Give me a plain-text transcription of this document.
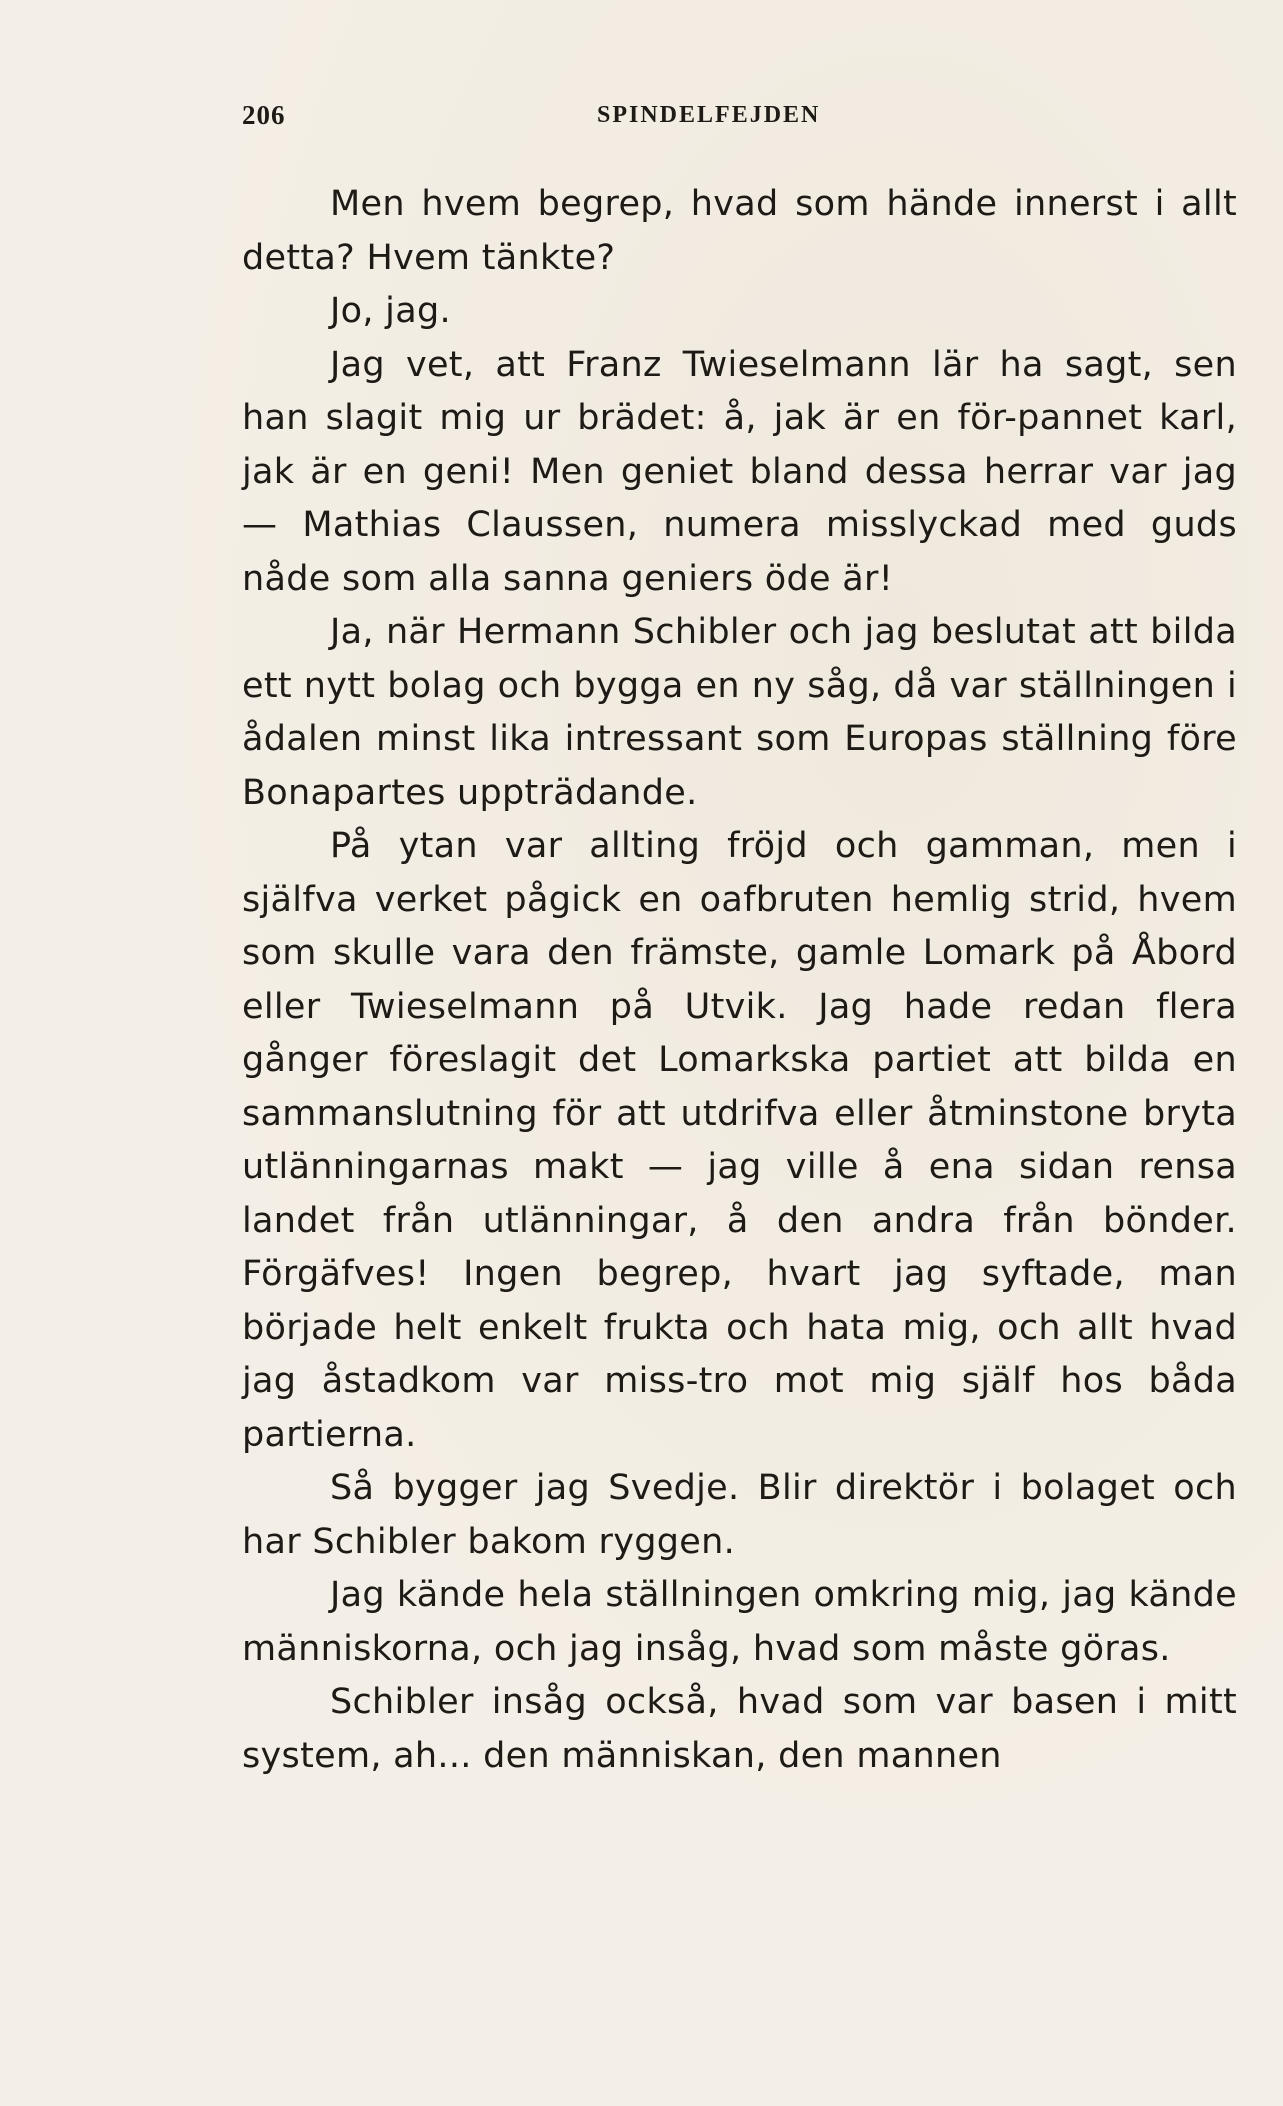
206	SPINDELFEJDEN

Men hvem begrep, hvad som hände innerst i allt detta? Hvem tänkte?

Jo, jag.

Jag vet, att Franz Twieselmann lär ha sagt, sen han slagit mig ur brädet: å, jak är en för-pannet karl, jak är en geni! Men geniet bland dessa herrar var jag — Mathias Claussen, numera misslyckad med guds nåde som alla sanna geniers öde är!

Ja, när Hermann Schibler och jag beslutat att bilda ett nytt bolag och bygga en ny såg, då var ställningen i ådalen minst lika intressant som Europas ställning före Bonapartes uppträdande.

På ytan var allting fröjd och gamman, men i själfva verket pågick en oafbruten hemlig strid, hvem som skulle vara den främste, gamle Lomark på Åbord eller Twieselmann på Utvik. Jag hade redan flera gånger föreslagit det Lomarkska partiet att bilda en sammanslutning för att utdrifva eller åtminstone bryta utlänningarnas makt — jag ville å ena sidan rensa landet från utlänningar, å den andra från bönder. Förgäfves! Ingen begrep, hvart jag syftade, man började helt enkelt frukta och hata mig, och allt hvad jag åstadkom var miss-tro mot mig själf hos båda partierna.

Så bygger jag Svedje. Blir direktör i bolaget och har Schibler bakom ryggen.

Jag kände hela ställningen omkring mig, jag kände människorna, och jag insåg, hvad som måste göras.

Schibler insåg också, hvad som var basen i mitt system, ah... den människan, den mannen
